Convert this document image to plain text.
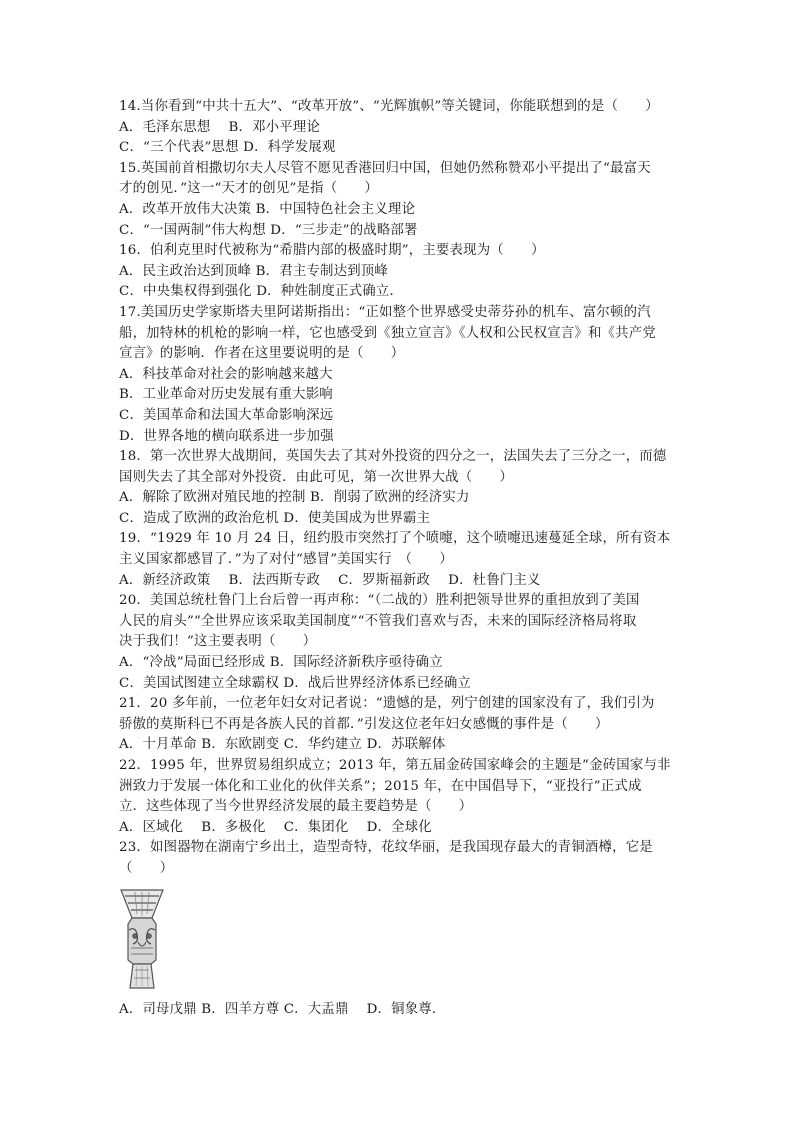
14.当你看到“中共十五大”、“改革开放”、“光辉旗帜”等关键词，你能联想到的是（　　）
A．毛泽东思想　 B．邓小平理论
C．“三个代表”思想 D．科学发展观
15.英国前首相撒切尔夫人尽管不愿见香港回归中国，但她仍然称赞邓小平提出了“最富天
才的创见．”这一“天才的创见”是指（　　）
A．改革开放伟大决策 B．中国特色社会主义理论
C．“一国两制”伟大构想 D．“三步走”的战略部署
16．伯利克里时代被称为“希腊内部的极盛时期”，主要表现为（　　）
A．民主政治达到顶峰 B．君主专制达到顶峰
C．中央集权得到强化 D．种姓制度正式确立．
17.美国历史学家斯塔夫里阿诺斯指出：“正如整个世界感受史蒂芬孙的机车、富尔顿的汽
船，加特林的机枪的影响一样，它也感受到《独立宣言》《人权和公民权宣言》和《共产党
宣言》的影响．作者在这里要说明的是（　　）
A．科技革命对社会的影响越来越大
B．工业革命对历史发展有重大影响
C．美国革命和法国大革命影响深远
D．世界各地的横向联系进一步加强
18．第一次世界大战期间，英国失去了其对外投资的四分之一，法国失去了三分之一，而德
国则失去了其全部对外投资．由此可见，第一次世界大战（　　）
A．解除了欧洲对殖民地的控制 B．削弱了欧洲的经济实力
C．造成了欧洲的政治危机 D．使美国成为世界霸主
19．“1929 年 10 月 24 日，纽约股市突然打了个喷嚏，这个喷嚏迅速蔓延全球，所有资本
主义国家都感冒了．”为了对付“感冒”美国实行　（　　）
A．新经济政策　 B．法西斯专政　 C．罗斯福新政　 D．杜鲁门主义
20．美国总统杜鲁门上台后曾一再声称：“（二战的）胜利把领导世界的重担放到了美国
人民的肩头”“全世界应该采取美国制度”“不管我们喜欢与否，未来的国际经济格局将取
决于我们！”这主要表明（　　）
A．“冷战”局面已经形成 B．国际经济新秩序亟待确立
C．美国试图建立全球霸权 D．战后世界经济体系已经确立
21．20 多年前，一位老年妇女对记者说：“遗憾的是，列宁创建的国家没有了，我们引为
骄傲的莫斯科已不再是各族人民的首都．”引发这位老年妇女感慨的事件是（　　）
A．十月革命 B．东欧剧变 C．华约建立 D．苏联解体
22．1995 年，世界贸易组织成立；2013 年，第五届金砖国家峰会的主题是“金砖国家与非
洲致力于发展一体化和工业化的伙伴关系”；2015 年，在中国倡导下，“亚投行”正式成
立．这些体现了当今世界经济发展的最主要趋势是（　　）
A．区域化　 B．多极化　 C．集团化　 D．全球化
23．如图器物在湖南宁乡出土，造型奇特，花纹华丽，是我国现存最大的青铜酒樽，它是
（　　）
A．司母戊鼎 B．四羊方尊 C．大盂鼎　 D．铜象尊．
